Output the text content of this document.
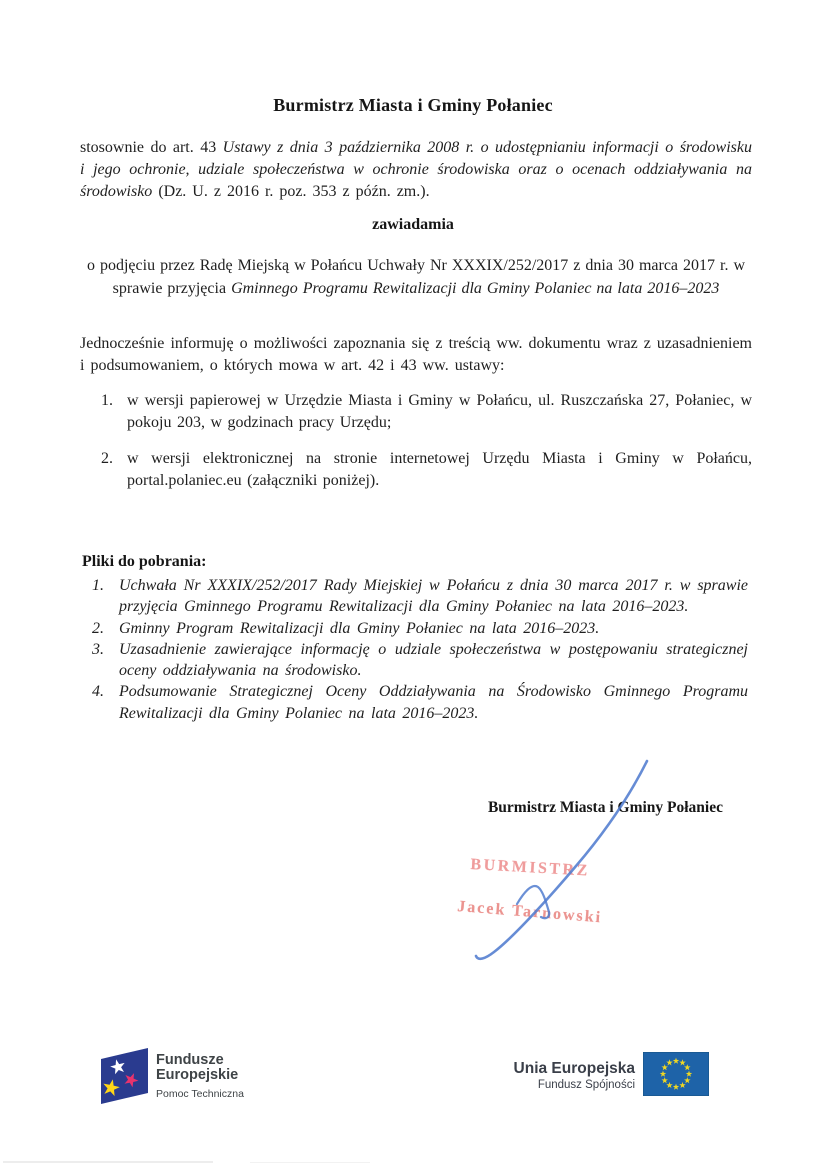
Burmistrz Miasta i Gminy Połaniec
stosownie do art. 43 Ustawy z dnia 3 października 2008 r. o udostępnianiu informacji o środowisku i jego ochronie, udziale społeczeństwa w ochronie środowiska oraz o ocenach oddziaływania na środowisko (Dz. U. z 2016 r. poz. 353 z późn. zm.).
zawiadamia
o podjęciu przez Radę Miejską w Połańcu Uchwały Nr XXXIX/252/2017 z dnia 30 marca 2017 r. w sprawie przyjęcia Gminnego Programu Rewitalizacji dla Gminy Polaniec na lata 2016–2023
Jednocześnie informuję o możliwości zapoznania się z treścią ww. dokumentu wraz z uzasadnieniem i podsumowaniem, o których mowa w art. 42 i 43 ww. ustawy:
1. w wersji papierowej w Urzędzie Miasta i Gminy w Połańcu, ul. Ruszczańska 27, Połaniec, w pokoju 203, w godzinach pracy Urzędu;
2. w wersji elektronicznej na stronie internetowej Urzędu Miasta i Gminy w Połańcu, portal.polaniec.eu (załączniki poniżej).
Pliki do pobrania:
1. Uchwała Nr XXXIX/252/2017 Rady Miejskiej w Połańcu z dnia 30 marca 2017 r. w sprawie przyjęcia Gminnego Programu Rewitalizacji dla Gminy Połaniec na lata 2016–2023.
2. Gminny Program Rewitalizacji dla Gminy Połaniec na lata 2016–2023.
3. Uzasadnienie zawierające informację o udziale społeczeństwa w postępowaniu strategicznej oceny oddziaływania na środowisko.
4. Podsumowanie Strategicznej Oceny Oddziaływania na Środowisko Gminnego Programu Rewitalizacji dla Gminy Polaniec na lata 2016–2023.
Burmistrz Miasta i Gminy Połaniec
BURMISTRZ
Jacek Tarnowski
Fundusze
Europejskie
Pomoc Techniczna
Unia Europejska
Fundusz Spójności
